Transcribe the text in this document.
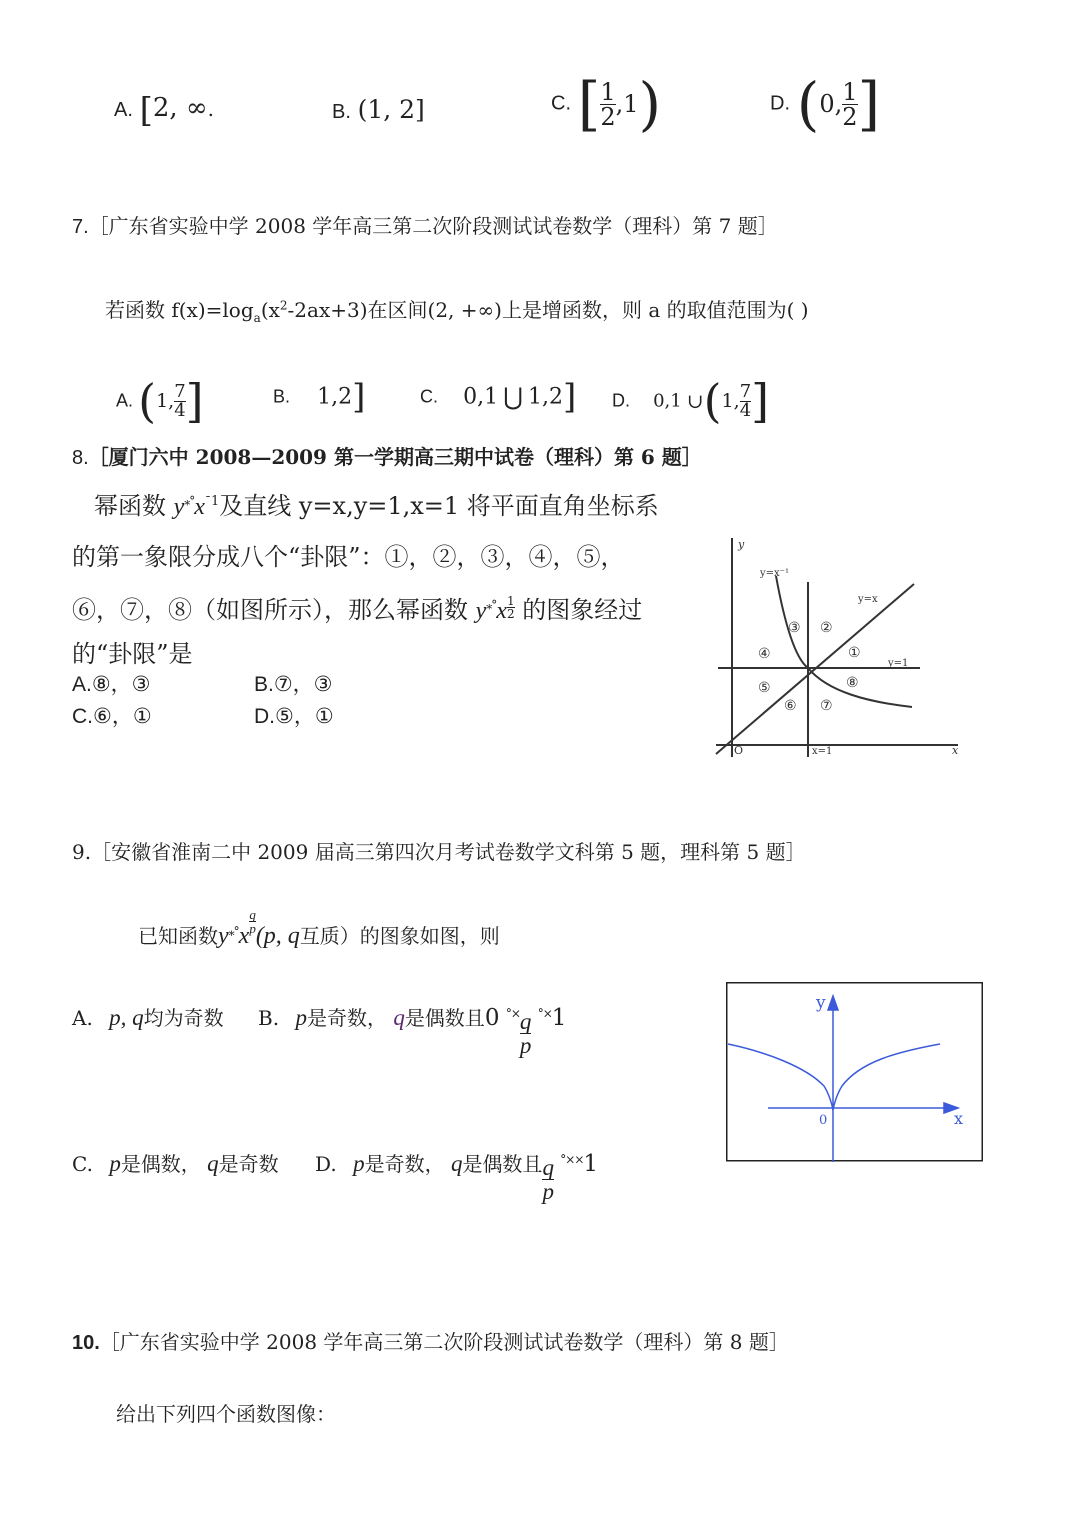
A. [2, ∞.	B. (1, 2]	C. [ $\frac{1}{2} ,1$)	D. (0, $\frac{1}{2}$ ]
7.［广东省实验中学 2008 学年高三第二次阶段测试试卷数学（理科）第 7 题］
若函数 $f(x)=\log_a(x^2-2ax+3)$在区间(2, +∞)上是增函数，则 a 的取值范围为( )
A. (1, $\frac{7}{4}$ ]	B. 1,2]	C. 0,1 ⋃ 1,2] D. 0,1 ∪(1, $\frac{7}{4}$ ]
8.［厦门六中 2008—2009 第一学期高三期中试卷（理科）第 6 题］
幂函数 $y^{⁎^\circ}x^{¯1}$及直线 y=x,y=1,x=1 将平面直角坐标系
的第一象限分成八个“卦限”：①，②，③，④，⑤，
⑥，⑦，⑧（如图所示），那么幂函数 $y^{⁎^\circ}x \frac{1}{2}$ 的图象经过
的“卦限”是
A.⑧，③	B.⑦，③
C.⑥，①	D.⑤，①
y
x
O
y=x⁻¹
y=x
y=1
x=1
①
②
③
④
⑤
⑥ ⑦
⑧
9.［安徽省淮南二中 2009 届高三第四次月考试卷数学文科第 5 题，理科第 5 题］
已知函数y⁎°x
$\frac{q}{p}$
(p, q互质）的图象如图，则
A. p, q均为奇数 B. p是奇数， q是偶数且0 $^{^\circ\times} \frac{q}{p} ^{^\circ\times}1$
C. p是偶数， q是奇数 D. p是奇数， q是偶数且 $\frac{q}{p} ^{^\circ\times\times}1$
y
x
0
10.［广东省实验中学 2008 学年高三第二次阶段测试试卷数学（理科）第 8 题］
给出下列四个函数图像：
